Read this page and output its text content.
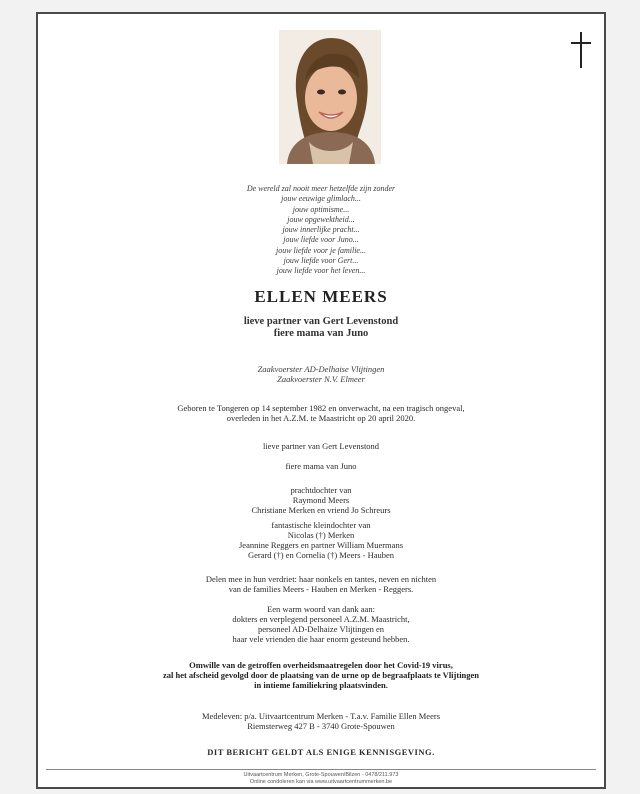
De wereld zal nooit meer hetzelfde zijn zonder
jouw eeuwige glimlach...
jouw optimisme...
jouw opgewektheid...
jouw innerlijke pracht...
jouw liefde voor Juno...
jouw liefde voor je familie...
jouw liefde voor Gert...
jouw liefde voor het leven...
ELLEN MEERS
lieve partner van Gert Levenstond
fiere mama van Juno
Zaakvoerster AD-Delhaise Vlijtingen
Zaakvoerster N.V. Elmeer
Geboren te Tongeren op 14 september 1982 en onverwacht, na een tragisch ongeval,
overleden in het A.Z.M. te Maastricht op 20 april 2020.
lieve partner van Gert Levenstond
fiere mama van Juno
prachtdochter van
Raymond Meers
Christiane Merken en vriend Jo Schreurs
fantastische kleindochter van
Nicolas (†) Merken
Jeannine Reggers en partner William Muermans
Gerard (†) en Cornelia (†) Meers - Hauben
Delen mee in hun verdriet: haar nonkels en tantes, neven en nichten
van de families Meers - Hauben en Merken - Reggers.
Een warm woord van dank aan:
dokters en verplegend personeel A.Z.M. Maastricht,
personeel AD-Delhaize Vlijtingen en
haar vele vrienden die haar enorm gesteund hebben.
Omwille van de getroffen overheidsmaatregelen door het Covid-19 virus,
zal het afscheid gevolgd door de plaatsing van de urne op de begraafplaats te Vlijtingen
in intieme familiekring plaatsvinden.
Medeleven: p/a. Uitvaartcentrum Merken - T.a.v. Familie Ellen Meers
Riemsterweg 427 B - 3740 Grote-Spouwen
DIT BERICHT GELDT ALS ENIGE KENNISGEVING.
Uitvaartcentrum Merken, Grote-Spouwen/Bilzen - 0478/211.973
Online condoleren kan via www.uitvaartcentrummerken.be
